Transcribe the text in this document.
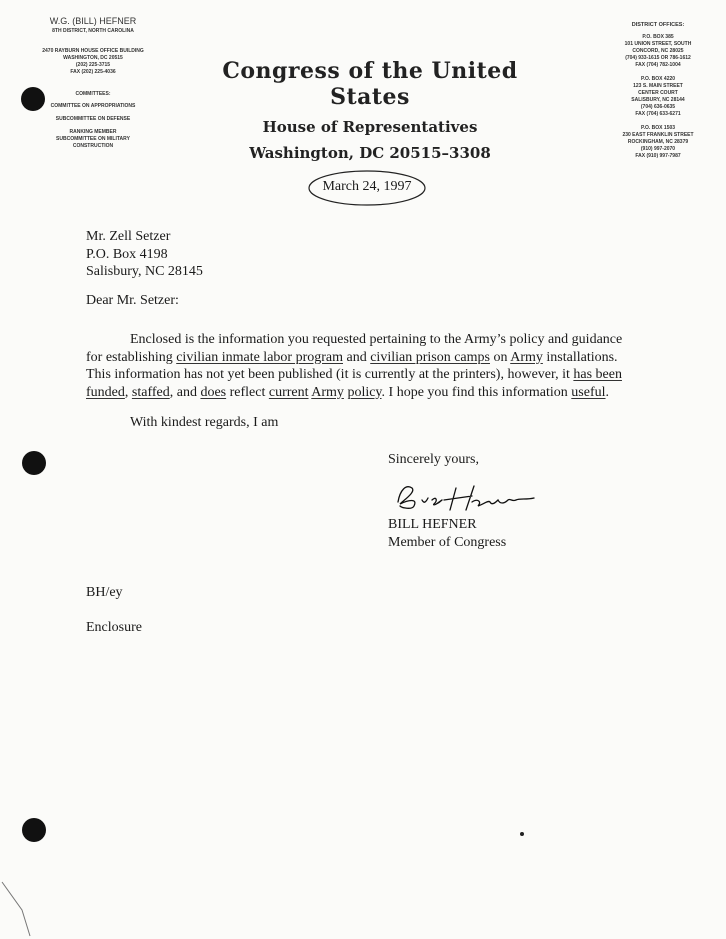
W.G. (BILL) HEFNER
8TH DISTRICT, NORTH CAROLINA
2470 RAYBURN HOUSE OFFICE BUILDING
WASHINGTON, DC 20515
(202) 225-3715
FAX (202) 225-4036
COMMITTEES:
COMMITTEE ON APPROPRIATIONS
SUBCOMMITTEE ON DEFENSE
RANKING MEMBER
SUBCOMMITTEE ON MILITARY
CONSTRUCTION
Congress of the United States
House of Representatives
Washington, DC 20515–3308
DISTRICT OFFICES:
P.O. BOX 385
101 UNION STREET, SOUTH
CONCORD, NC 28025
(704) 933-1615 OR 786-1612
FAX (704) 782-1004
P.O. BOX 4220
123 S. MAIN STREET
CENTER COURT
SALISBURY, NC 28144
(704) 636-0635
FAX (704) 633-6271
P.O. BOX 1503
230 EAST FRANKLIN STREET
ROCKINGHAM, NC 28379
(910) 997-2070
FAX (910) 997-7987
March 24, 1997
Mr. Zell Setzer
P.O. Box 4198
Salisbury, NC 28145
Dear Mr. Setzer:
Enclosed is the information you requested pertaining to the Army’s policy and guidance
for establishing civilian inmate labor program and civilian prison camps on Army installations.
This information has not yet been published (it is currently at the printers), however, it has been
funded, staffed, and does reflect current Army policy. I hope you find this information useful.
With kindest regards, I am
Sincerely yours,
BILL HEFNER
Member of Congress
BH/ey
Enclosure
